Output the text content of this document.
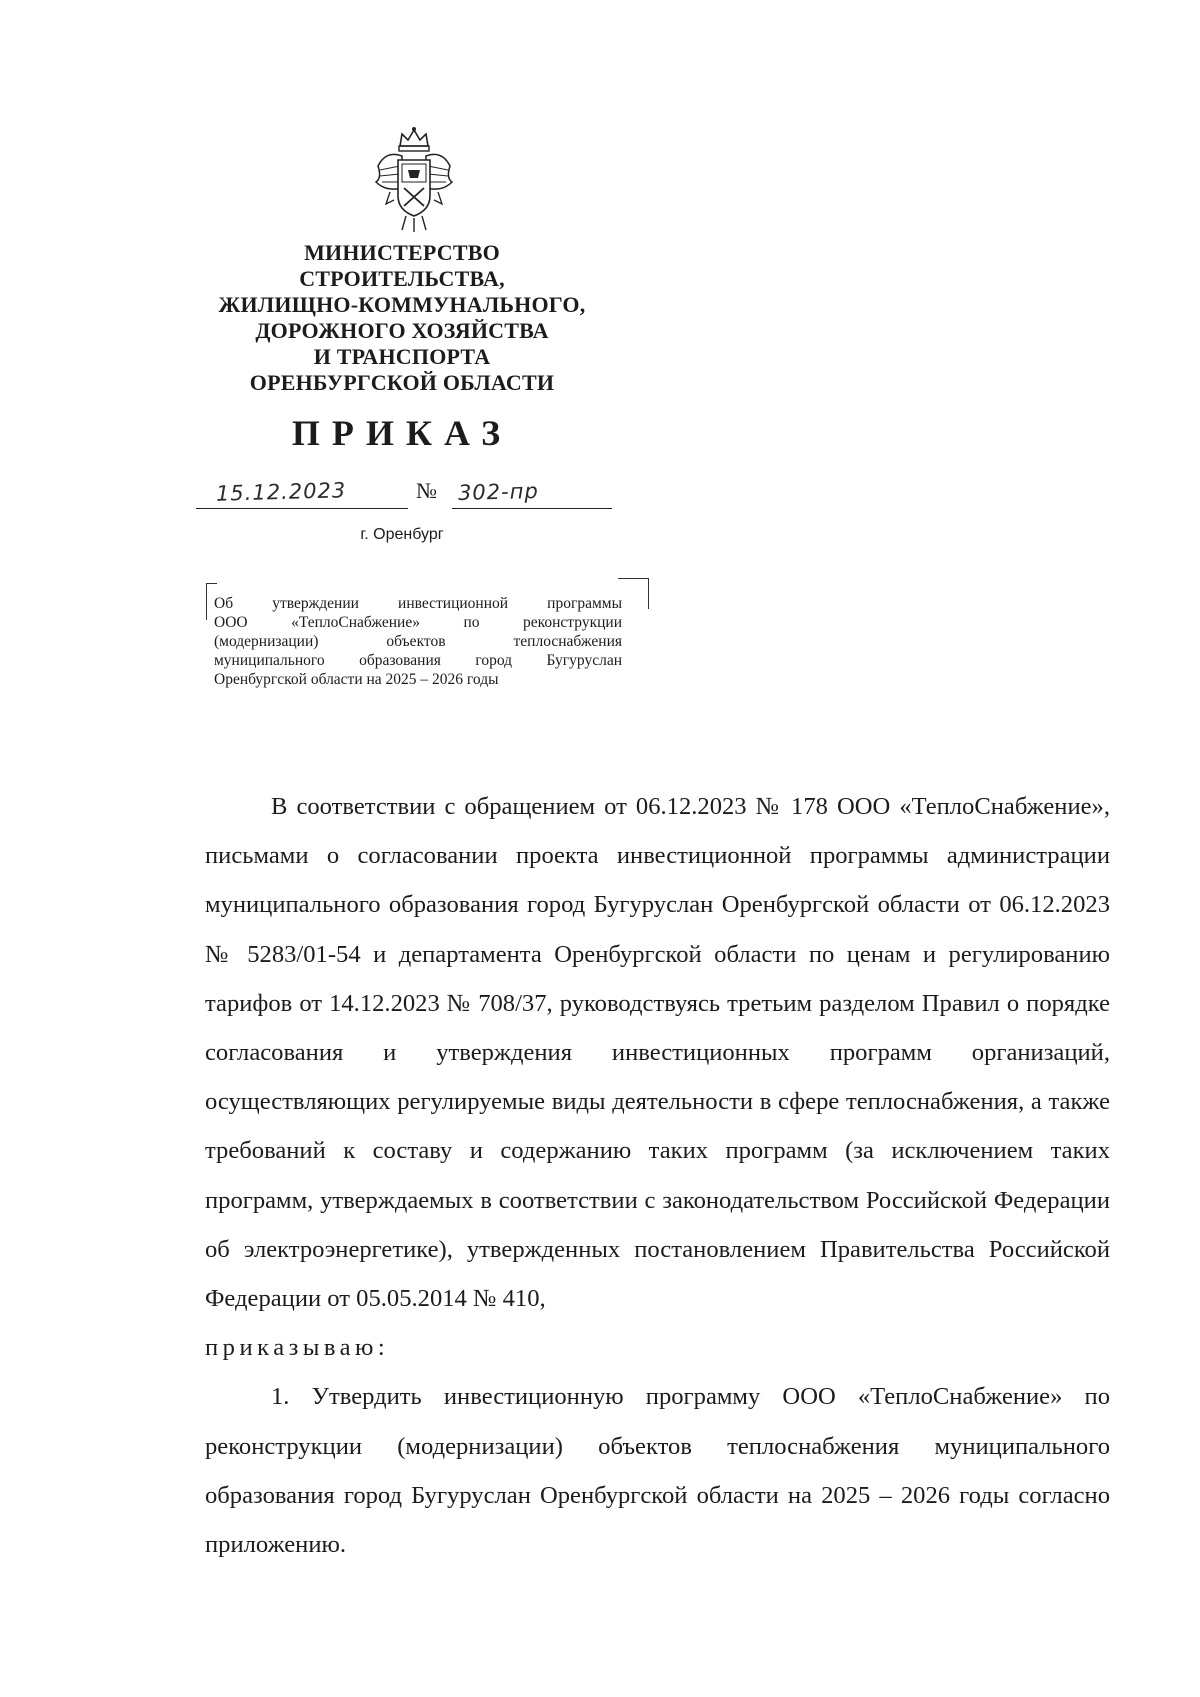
МИНИСТЕРСТВО
СТРОИТЕЛЬСТВА,
ЖИЛИЩНО-КОММУНАЛЬНОГО,
ДОРОЖНОГО ХОЗЯЙСТВА
И ТРАНСПОРТА
ОРЕНБУРГСКОЙ ОБЛАСТИ
ПРИКАЗ
15.12.2023	№ 302-пр
г. Оренбург
Об утверждении инвестиционной программы
ООО «ТеплоСнабжение» по реконструкции
(модернизации) объектов теплоснабжения
муниципального образования город Бугуруслан
Оренбургской области на 2025 – 2026 годы

В соответствии с обращением от 06.12.2023 № 178 ООО «ТеплоСнабжение», письмами о согласовании проекта инвестиционной программы администрации муниципального образования город Бугуруслан Оренбургской области от 06.12.2023 № 5283/01-54 и департамента Оренбургской области по ценам и регулированию тарифов от 14.12.2023 № 708/37, руководствуясь третьим разделом Правил о порядке согласования и утверждения инвестиционных программ организаций, осуществляющих регулируемые виды деятельности в сфере теплоснабжения, а также требований к составу и содержанию таких программ (за исключением таких программ, утверждаемых в соответствии с законодательством Российской Федерации об электроэнергетике), утвержденных постановлением Правительства Российской Федерации от 05.05.2014 № 410,

приказываю:

1. Утвердить инвестиционную программу ООО «ТеплоСнабжение» по реконструкции (модернизации) объектов теплоснабжения муниципального образования город Бугуруслан Оренбургской области на 2025 – 2026 годы согласно приложению.
